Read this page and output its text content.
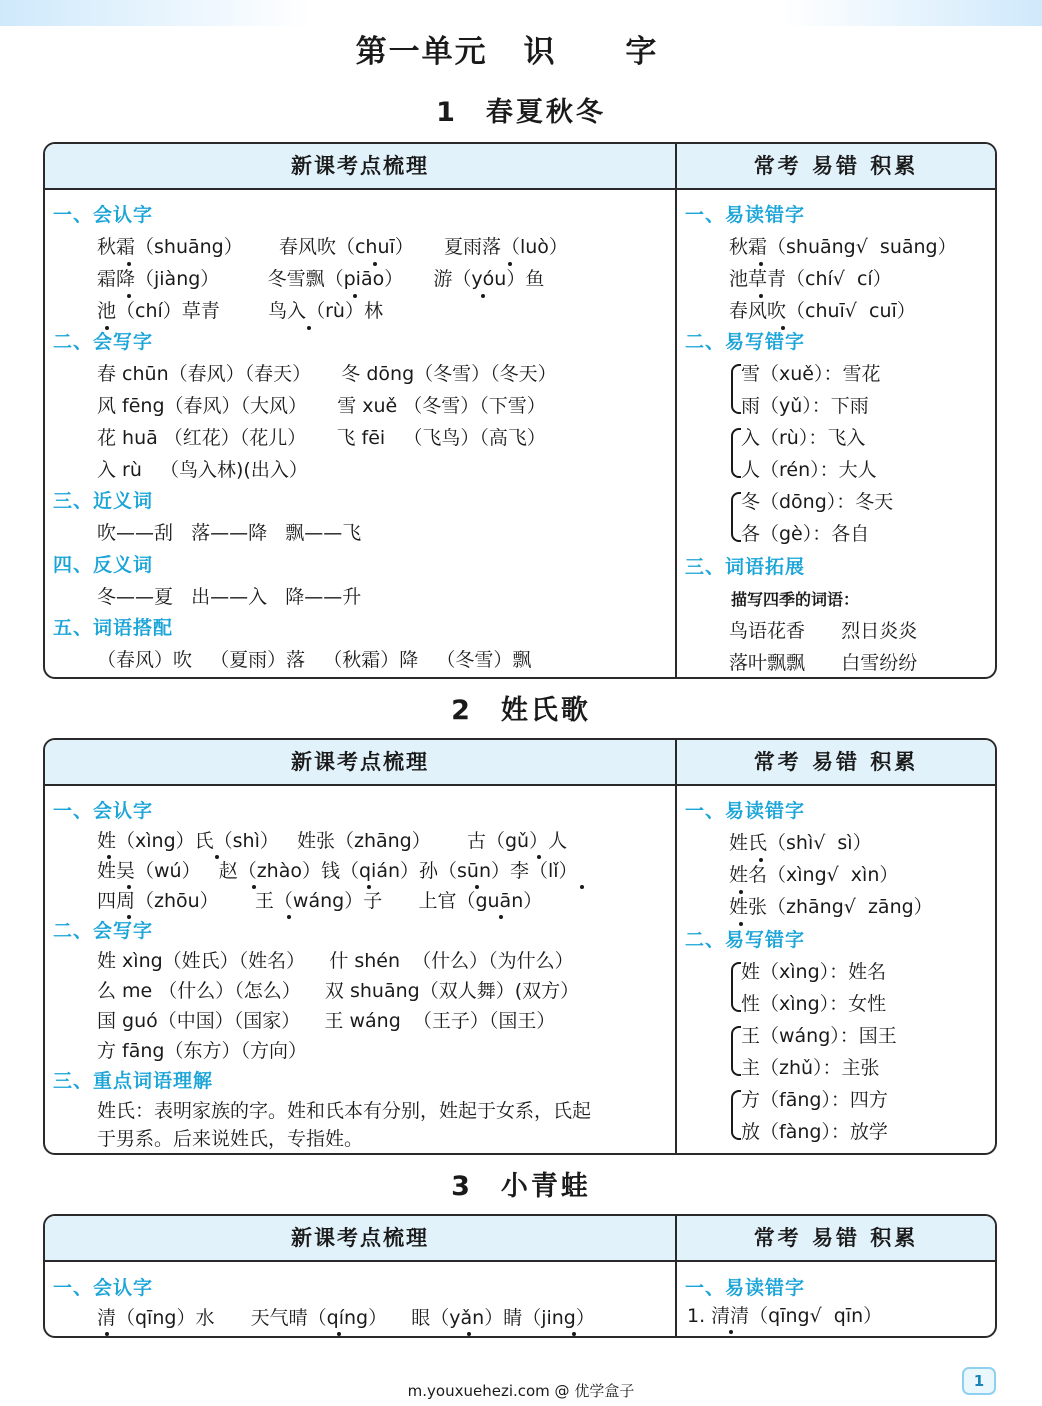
第一单元 识 字
1 春夏秋冬
新课考点梳理
一、会认字
秋霜（shuāng）      春风吹（chuī）     夏雨落（luò）
霜降（jiàng）        冬雪飘（piāo）     游（yóu）鱼
池（chí）草青        鸟入（rù）林
二、会写字
春 chūn（春风）（春天）     冬 dōng（冬雪）（冬天）
风 fēng（春风）（大风）     雪 xuě （冬雪）（下雪）
花 huā （红花）（花儿）     飞 fēi   （飞鸟）（高飞）
入 rù   （鸟入林)(出入）
三、近义词
吹——刮   落——降   飘——飞
四、反义词
冬——夏   出——入   降——升
五、词语搭配
（春风）吹   （夏雨）落   （秋霜）降   （冬雪）飘
常考 易错 积累
一、易读错字
秋霜（shuāng√  suāng）
池草青（chí√  cí）
春风吹（chuī√  cuī）
二、易写错字
雪（xuě）：雪花
雨（yǔ）：下雨
入（rù）：飞入
人（rén）：大人
冬（dōng）：冬天
各（gè）：各自
三、词语拓展
描写四季的词语：
鸟语花香      烈日炎炎
落叶飘飘      白雪纷纷
2 姓氏歌
新课考点梳理
一、会认字
姓（xìng）氏（shì）   姓张（zhāng）      古（gǔ）人
姓吴（wú）   赵（zhào）钱（qián）孙（sūn）李（lǐ）
四周（zhōu）      王（wáng）子      上官（guān）
二、会写字
姓 xìng（姓氏）（姓名）    什 shén  （什么）（为什么）
么 me （什么）（怎么）    双 shuāng（双人舞）(双方）
国 guó（中国）（国家）    王 wáng  （王子）（国王）
方 fāng（东方）（方向）
三、重点词语理解
姓氏：表明家族的字。姓和氏本有分别，姓起于女系，氏起
于男系。后来说姓氏，专指姓。
常考 易错 积累
一、易读错字
姓氏（shì√  sì）
姓名（xìng√  xìn）
姓张（zhāng√  zāng）
二、易写错字
姓（xìng）：姓名
性（xìng）：女性
王（wáng）：国王
主（zhǔ）：主张
方（fāng）：四方
放（fàng）：放学
3 小青蛙
新课考点梳理
一、会认字
清（qīng）水      天气晴（qíng）    眼（yǎn）睛（jing）
常考 易错 积累
一、易读错字
1. 清清（qīng√  qīn）
m.youxuehezi.com @ 优学盒子
1
